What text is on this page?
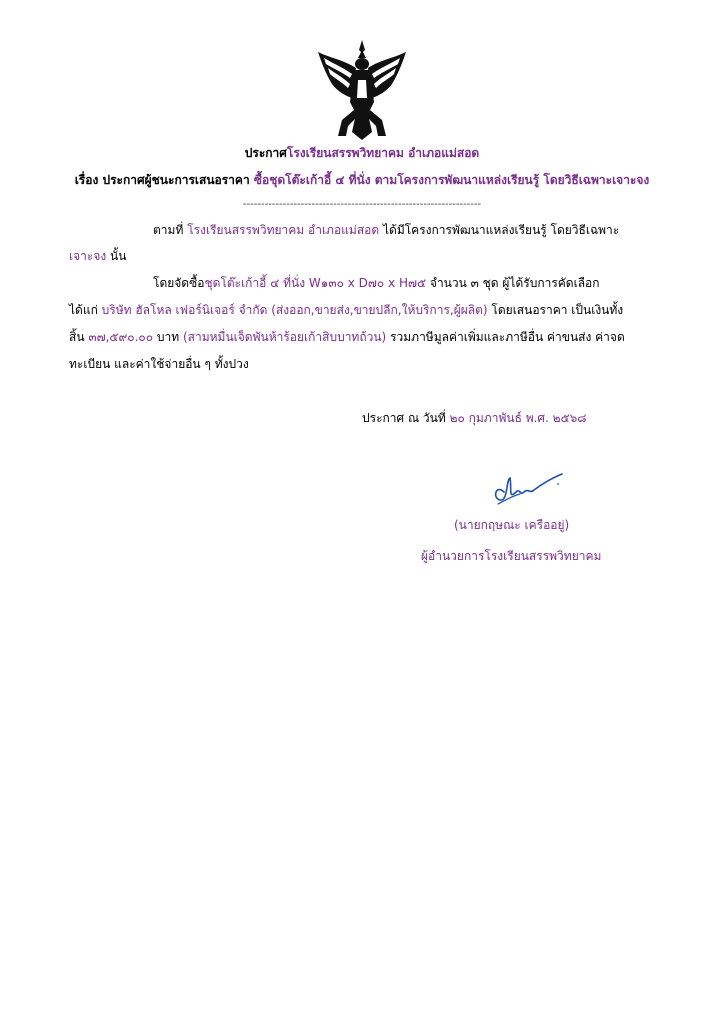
ประกาศโรงเรียนสรรพวิทยาคม อำเภอแม่สอด
เรื่อง ประกาศผู้ชนะการเสนอราคา ซื้อชุดโต๊ะเก้าอี้ ๔ ที่นั่ง ตามโครงการพัฒนาแหล่งเรียนรู้ โดยวิธีเฉพาะเจาะจง
------------------------------------------------------------------
ตามที่ โรงเรียนสรรพวิทยาคม อำเภอแม่สอด ได้มีโครงการพัฒนาแหล่งเรียนรู้ โดยวิธีเฉพาะ
เจาะจง นั้น
โดยจัดซื้อชุดโต๊ะเก้าอี้ ๔ ที่นั่ง W๑๓๐ x D๗๐ x H๗๕ จำนวน ๓ ชุด ผู้ได้รับการคัดเลือก
ได้แก่ บริษัท ฮัลโหล เฟอร์นิเจอร์ จำกัด (ส่งออก,ขายส่ง,ขายปลีก,ให้บริการ,ผู้ผลิต) โดยเสนอราคา เป็นเงินทั้ง
สิ้น ๓๗,๕๙๐.๐๐ บาท (สามหมื่นเจ็ดพันห้าร้อยเก้าสิบบาทถ้วน) รวมภาษีมูลค่าเพิ่มและภาษีอื่น ค่าขนส่ง ค่าจด
ทะเบียน และค่าใช้จ่ายอื่น ๆ ทั้งปวง
ประกาศ ณ วันที่ ๒๐ กุมภาพันธ์ พ.ศ. ๒๕๖๘
(นายกฤษณะ เครืออยู่)
ผู้อำนวยการโรงเรียนสรรพวิทยาคม
